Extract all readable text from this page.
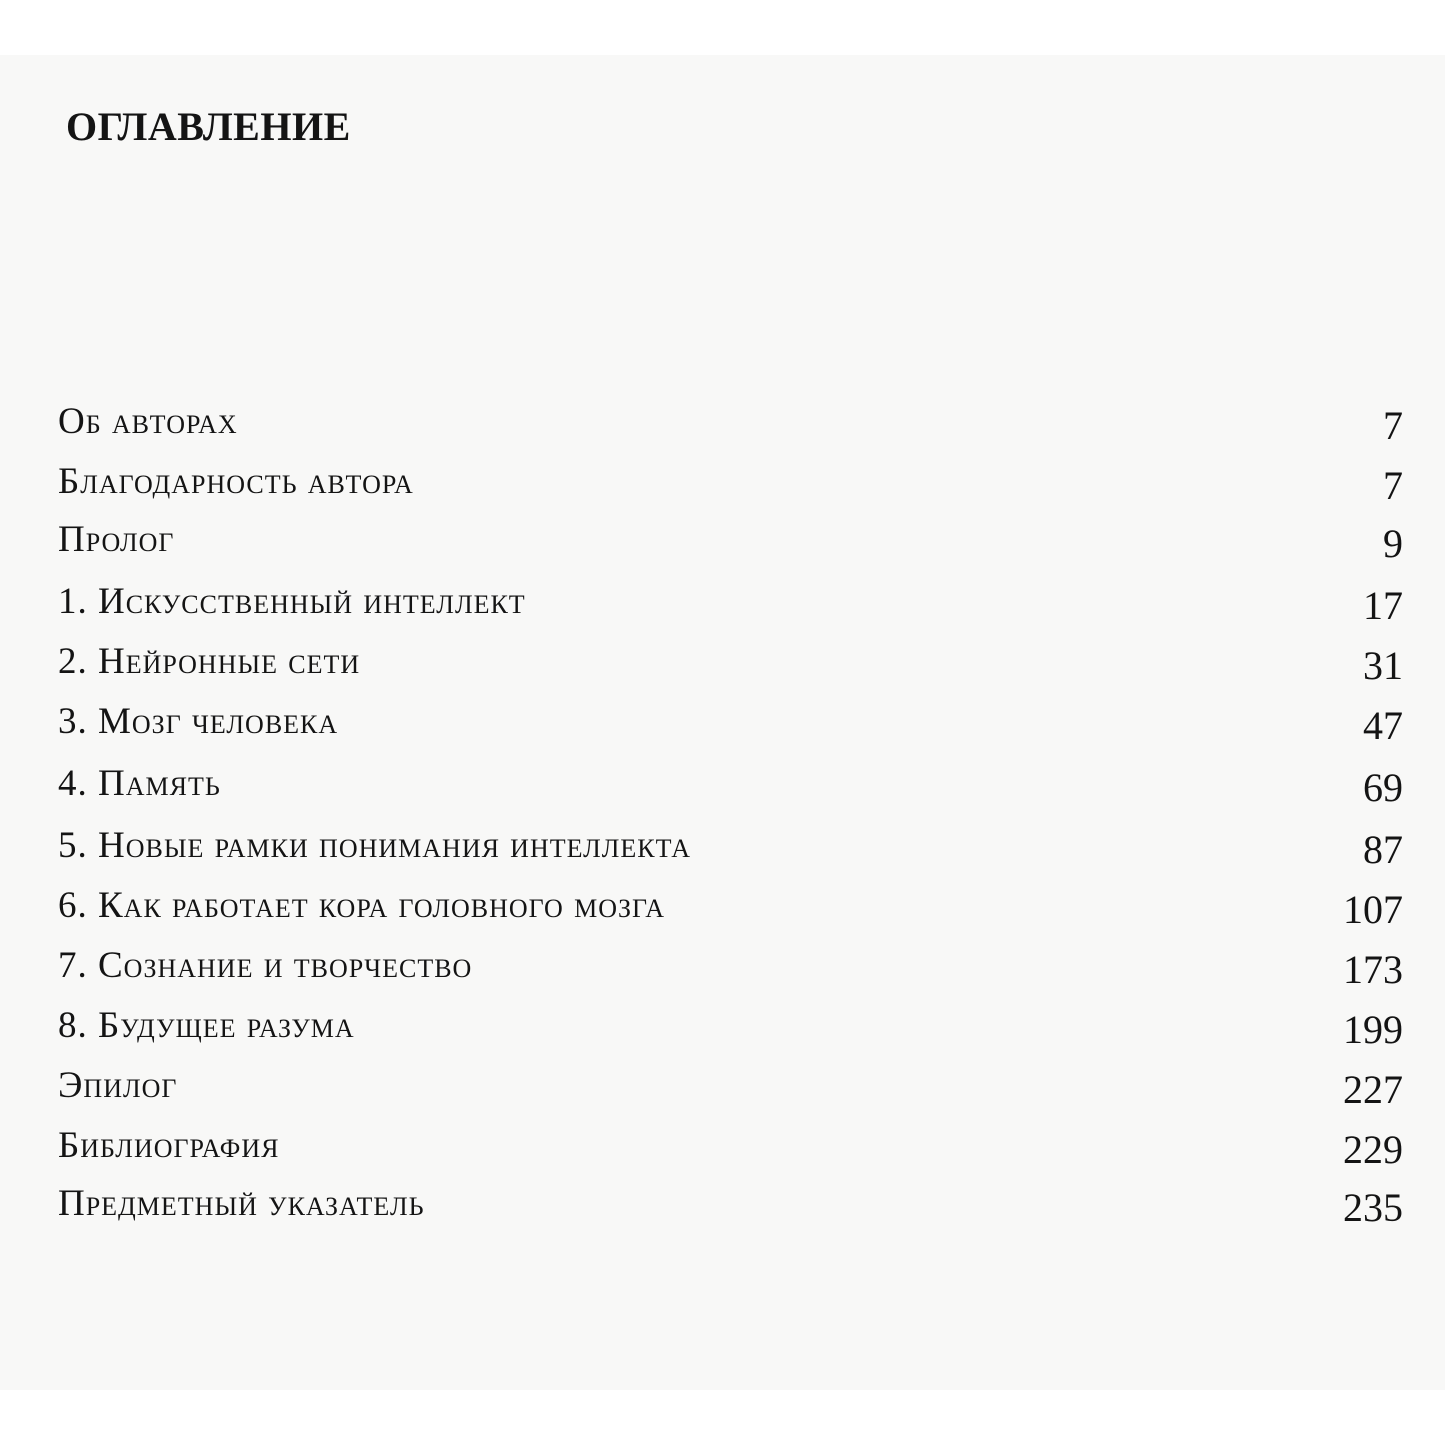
ОГЛАВЛЕНИЕ
Об авторах	7
Благодарность автора	7
Пролог	9
1. Искусственный интеллект	17
2. Нейронные сети	31
3. Мозг человека	47
4. Память	69
5. Новые рамки понимания интеллекта	87
6. Как работает кора головного мозга	107
7. Сознание и творчество	173
8. Будущее разума	199
Эпилог	227
Библиография	229
Предметный указатель	235
